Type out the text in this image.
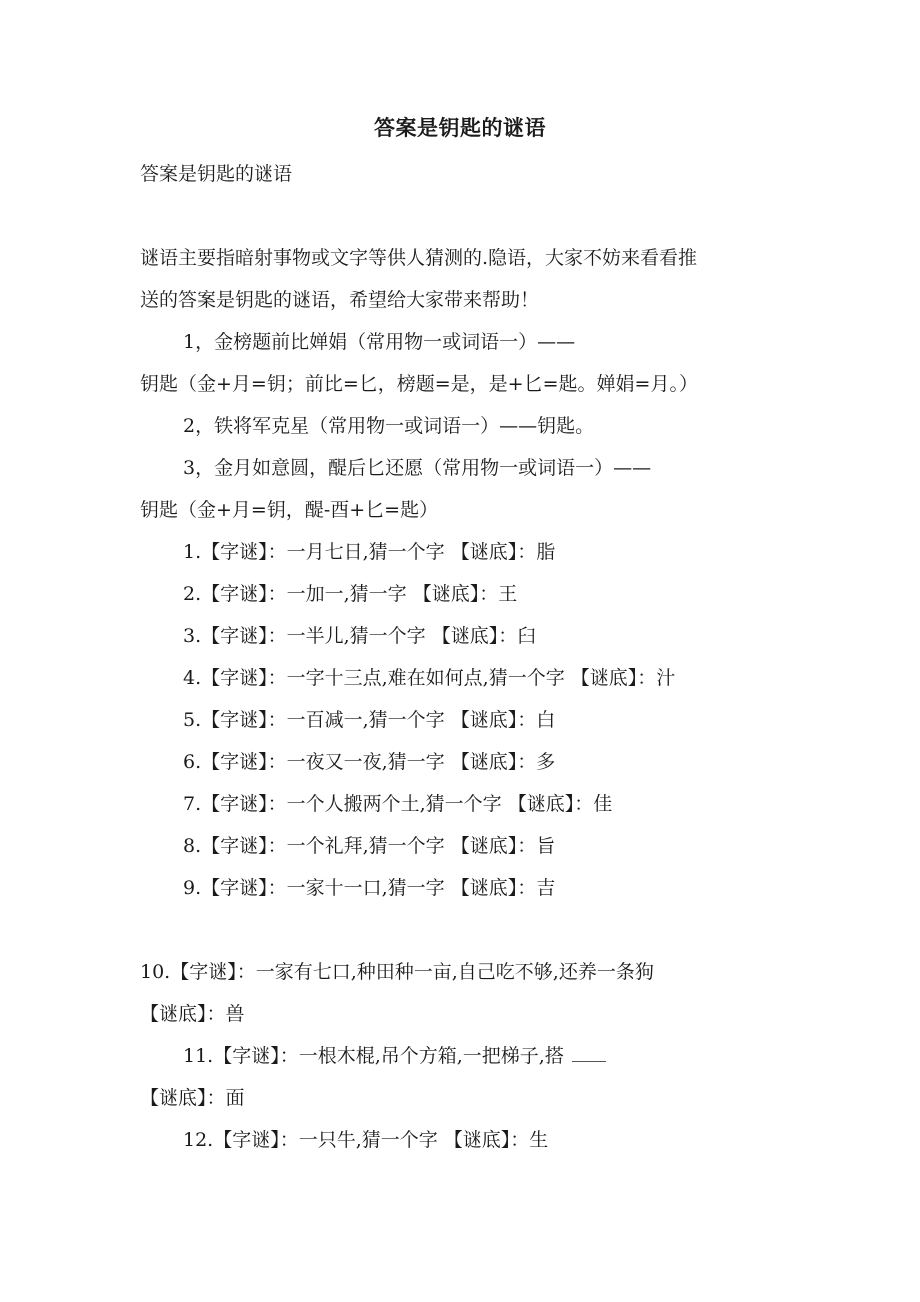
答案是钥匙的谜语
答案是钥匙的谜语
谜语主要指暗射事物或文字等供人猜测的.隐语，大家不妨来看看推
送的答案是钥匙的谜语，希望给大家带来帮助！
1，金榜题前比婵娟（常用物一或词语一）——
钥匙（金+月=钥；前比=匕，榜题=是，是+匕=匙。婵娟=月。）
2，铁将军克星（常用物一或词语一）——钥匙。
3，金月如意圆，醍后匕还愿（常用物一或词语一）——
钥匙（金+月=钥，醍-酉+匕=匙）
1.【字谜】：一月七日,猜一个字 【谜底】：脂
2.【字谜】：一加一,猜一字 【谜底】：王
3.【字谜】：一半儿,猜一个字 【谜底】：臼
4.【字谜】：一字十三点,难在如何点,猜一个字 【谜底】：汁
5.【字谜】：一百减一,猜一个字 【谜底】：白
6.【字谜】：一夜又一夜,猜一字 【谜底】：多
7.【字谜】：一个人搬两个土,猜一个字 【谜底】：佳
8.【字谜】：一个礼拜,猜一个字 【谜底】：旨
9.【字谜】：一家十一口,猜一字 【谜底】：吉
10.【字谜】：一家有七口,种田种一亩,自己吃不够,还养一条狗
【谜底】：兽
11.【字谜】：一根木棍,吊个方箱,一把梯子,搭
【谜底】：面
12.【字谜】：一只牛,猜一个字 【谜底】：生
